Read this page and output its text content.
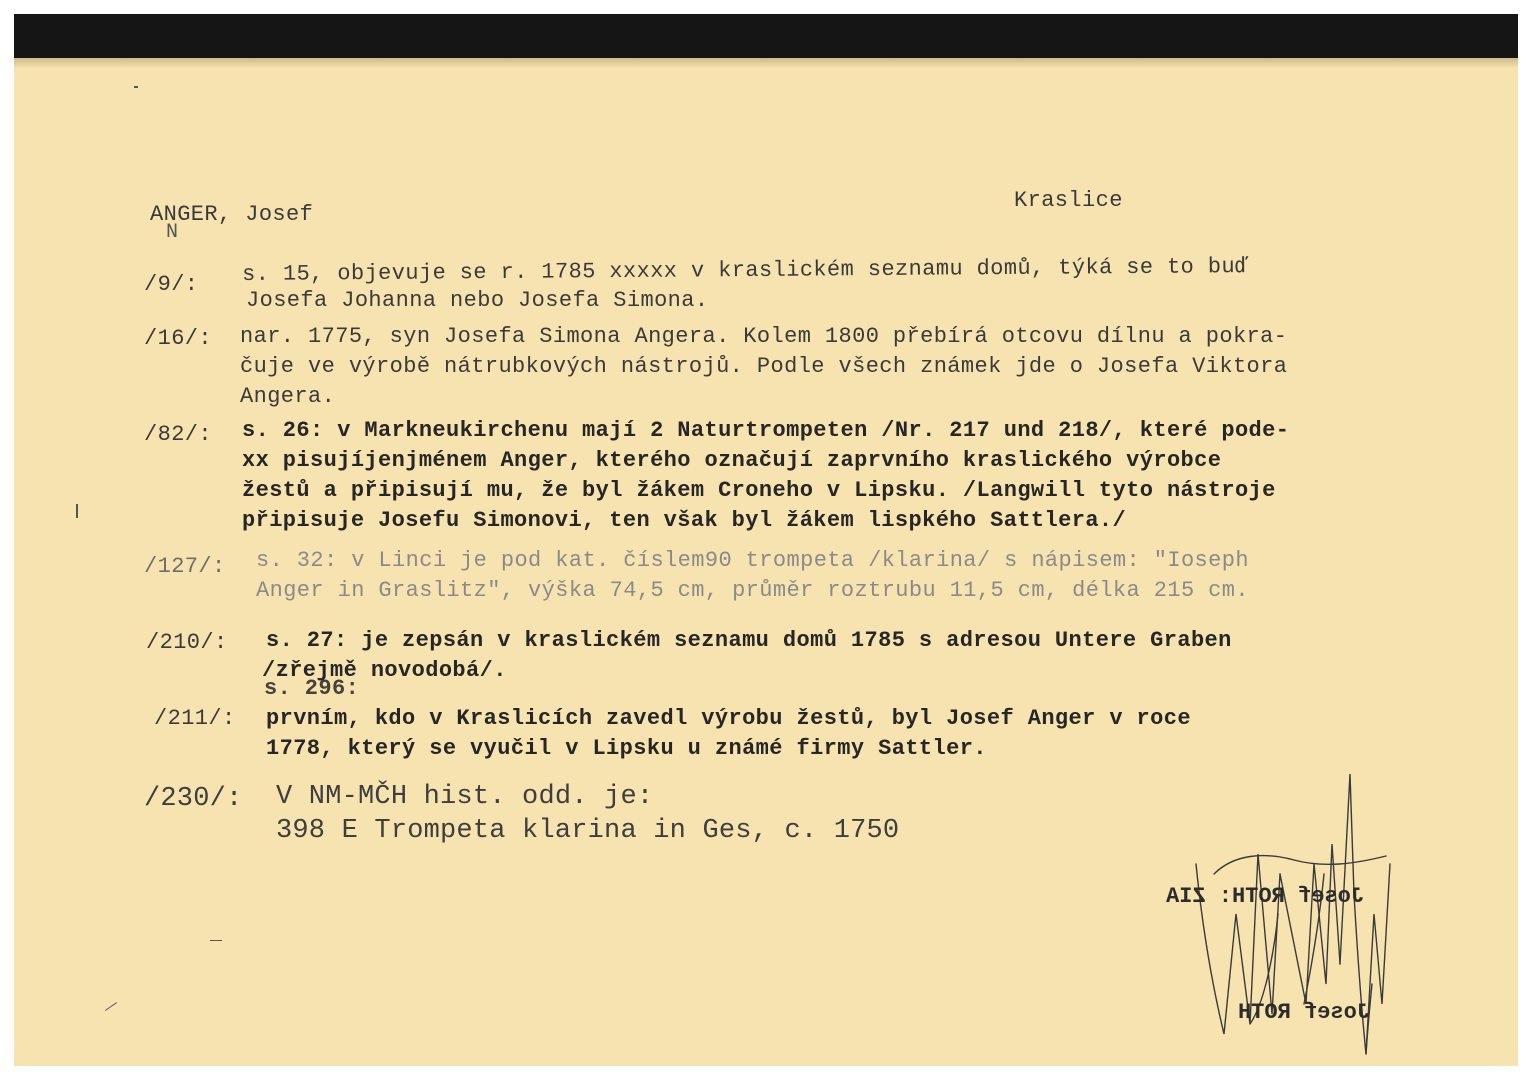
ANGER, Josef
N
Kraslice
/9/: s. 15, objevuje se r. 1785 xxxxx v kraslickém seznamu domů, týká se to buď
Josefa Johanna nebo Josefa Simona.
/16/: nar. 1775, syn Josefa Simona Angera. Kolem 1800 přebírá otcovu dílnu a pokra-
čuje ve výrobě nátrubkových nástrojů. Podle všech známek jde o Josefa Viktora
Angera.
/82/: s. 26: v Markneukirchenu mají 2 Naturtrompeten /Nr. 217 und 218/, které pode-
xx pisujíjenjménem Anger, kterého označují zaprvního kraslického výrobce
žestů a připisují mu, že byl žákem Croneho v Lipsku. /Langwill tyto nástroje
připisuje Josefu Simonovi, ten však byl žákem lispkého Sattlera./
/127/: s. 32: v Linci je pod kat. číslem90 trompeta /klarina/ s nápisem: "Ioseph
Anger in Graslitz", výška 74,5 cm, průměr roztrubu 11,5 cm, délka 215 cm.
/210/: s. 27: je zepsán v kraslickém seznamu domů 1785 s adresou Untere Graben
/zřejmě novodobá/.
s. 296:
/211/: prvním, kdo v Kraslicích zavedl výrobu žestů, byl Josef Anger v roce
1778, který se vyučil v Lipsku u známé firmy Sattler.
/230/: V NM-MČH hist. odd. je:
398 E Trompeta klarina in Ges, c. 1750
Josef ROTH: ZIA
Josef ROTH
